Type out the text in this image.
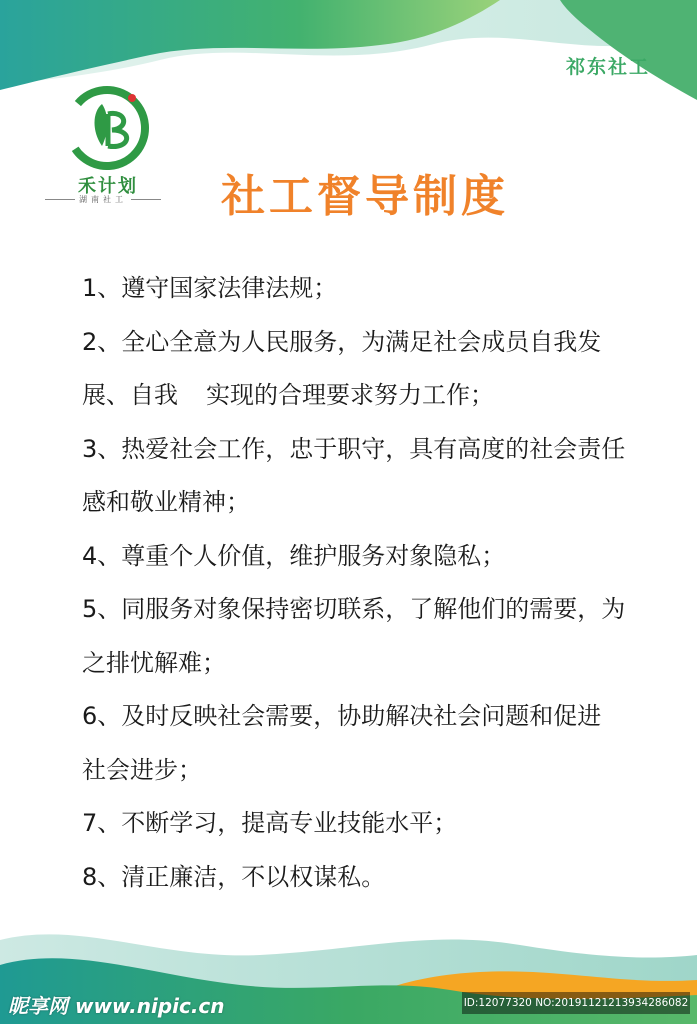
祁东社工
禾计划
湖南社工	社工督导制度

1、遵守国家法律法规；

2、全心全意为人民服务，为满足社会成员自我发

展、自我 实现的合理要求努力工作；

3、热爱社会工作，忠于职守，具有高度的社会责任

感和敬业精神；

4、尊重个人价值，维护服务对象隐私；

5、同服务对象保持密切联系，了解他们的需要，为

之排忧解难；

6、及时反映社会需要，协助解决社会问题和促进

社会进步；

7、不断学习，提高专业技能水平；

8、清正廉洁，不以权谋私。

昵享网 www.nipic.cn	ID:12077320 NO:20191121213934286082
